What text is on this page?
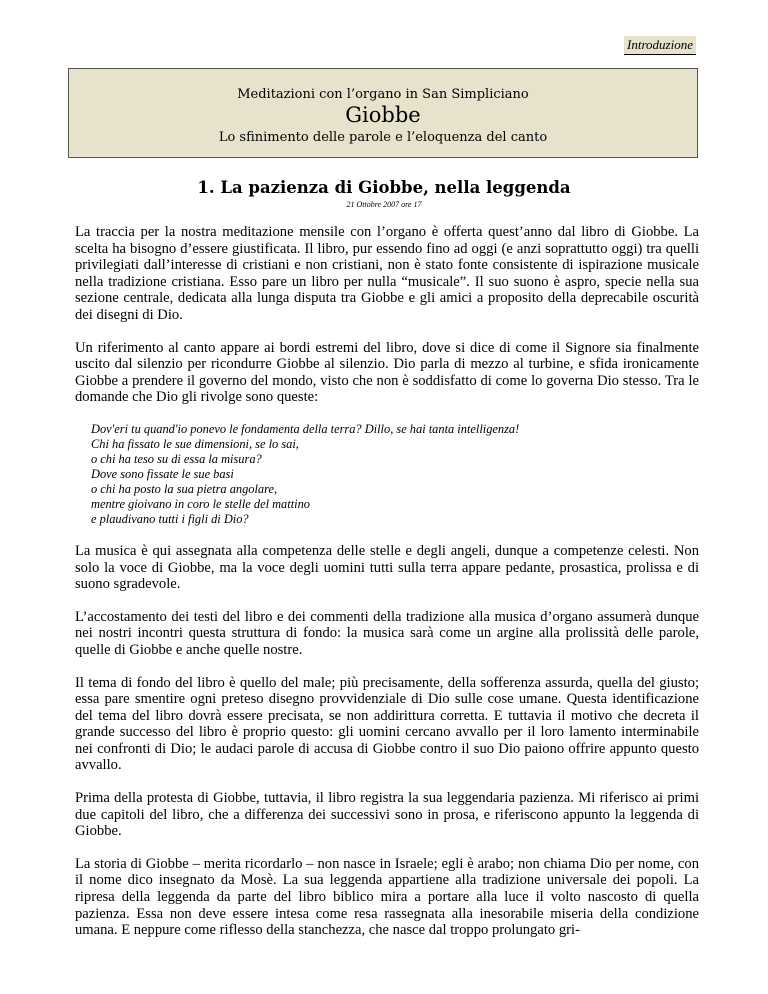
Introduzione
Meditazioni con l’organo in San Simpliciano
Giobbe
Lo sfinimento delle parole e l’eloquenza del canto
1. La pazienza di Giobbe, nella leggenda
21 Ottobre 2007 ore 17

La traccia per la nostra meditazione mensile con l’organo è offerta quest’anno dal libro di Giobbe. La scelta ha bisogno d’essere giustificata. Il libro, pur essendo fino ad oggi (e anzi soprattutto oggi) tra quelli privilegiati dall’interesse di cristiani e non cristiani, non è stato fonte consistente di ispirazione musicale nella tradizione cristiana. Esso pare un libro per nulla “musicale”. Il suo suono è aspro, specie nella sua sezione centrale, dedicata alla lunga disputa tra Giobbe e gli amici a proposito della deprecabile oscurità dei disegni di Dio.

Un riferimento al canto appare ai bordi estremi del libro, dove si dice di come il Signore sia finalmente uscito dal silenzio per ricondurre Giobbe al silenzio. Dio parla di mezzo al turbine, e sfida ironicamente Giobbe a prendere il governo del mondo, visto che non è soddisfatto di come lo governa Dio stesso. Tra le domande che Dio gli rivolge sono queste:

Dov'eri tu quand'io ponevo le fondamenta della terra? Dillo, se hai tanta intelligenza!
Chi ha fissato le sue dimensioni, se lo sai,
o chi ha teso su di essa la misura?
Dove sono fissate le sue basi
o chi ha posto la sua pietra angolare,
mentre gioivano in coro le stelle del mattino
e plaudivano tutti i figli di Dio?

La musica è qui assegnata alla competenza delle stelle e degli angeli, dunque a competenze celesti. Non solo la voce di Giobbe, ma la voce degli uomini tutti sulla terra appare pedante, prosastica, prolissa e di suono sgradevole.

L’accostamento dei testi del libro e dei commenti della tradizione alla musica d’organo assumerà dunque nei nostri incontri questa struttura di fondo: la musica sarà come un argine alla prolissità delle parole, quelle di Giobbe e anche quelle nostre.

Il tema di fondo del libro è quello del male; più precisamente, della sofferenza assurda, quella del giusto; essa pare smentire ogni preteso disegno provvidenziale di Dio sulle cose umane. Questa identificazione del tema del libro dovrà essere precisata, se non addirittura corretta. E tuttavia il motivo che decreta il grande successo del libro è proprio questo: gli uomini cercano avvallo per il loro lamento interminabile nei confronti di Dio; le audaci parole di accusa di Giobbe contro il suo Dio paiono offrire appunto questo avvallo.

Prima della protesta di Giobbe, tuttavia, il libro registra la sua leggendaria pazienza. Mi riferisco ai primi due capitoli del libro, che a differenza dei successivi sono in prosa, e riferiscono appunto la leggenda di Giobbe.

La storia di Giobbe – merita ricordarlo – non nasce in Israele; egli è arabo; non chiama Dio per nome, con il nome dico insegnato da Mosè. La sua leggenda appartiene alla tradizione universale dei popoli. La ripresa della leggenda da parte del libro biblico mira a portare alla luce il volto nascosto di quella pazienza. Essa non deve essere intesa come resa rassegnata alla inesorabile miseria della condizione umana. E neppure come riflesso della stanchezza, che nasce dal troppo prolungato gri-
